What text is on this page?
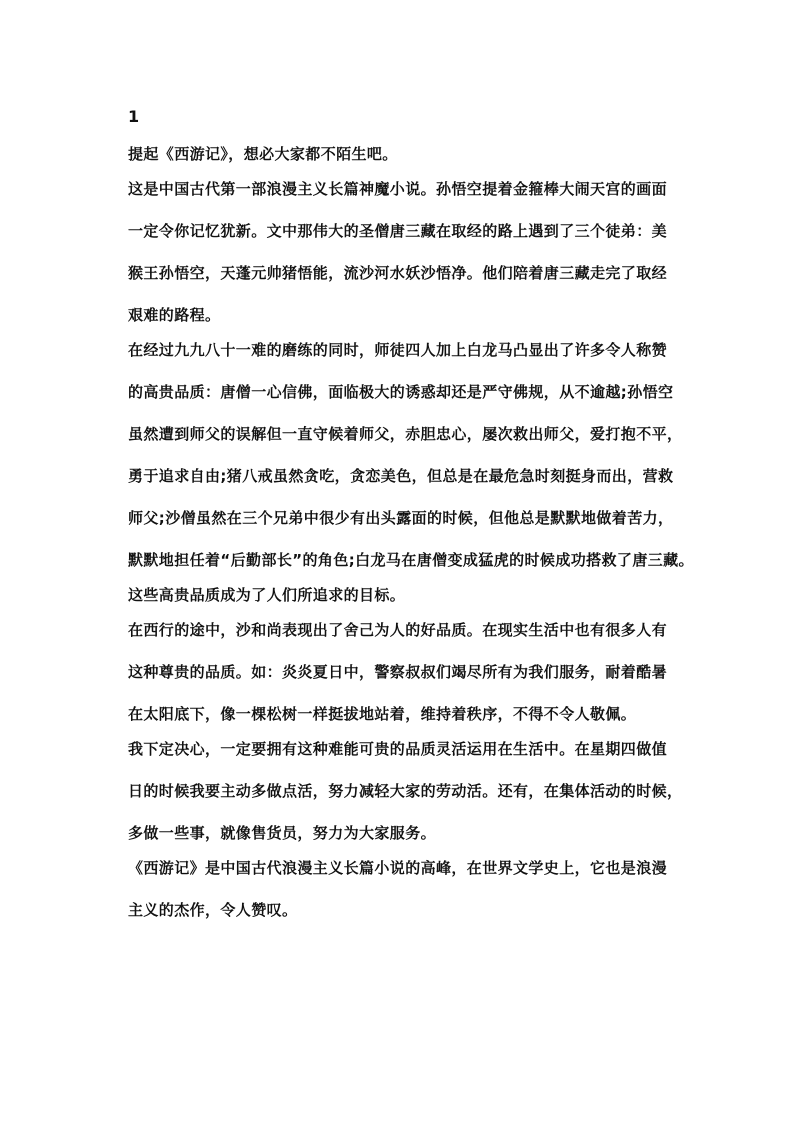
1
提起《西游记》，想必大家都不陌生吧。
这是中国古代第一部浪漫主义长篇神魔小说。孙悟空提着金箍棒大闹天宫的画面
一定令你记忆犹新。文中那伟大的圣僧唐三藏在取经的路上遇到了三个徒弟：美
猴王孙悟空，天蓬元帅猪悟能，流沙河水妖沙悟净。他们陪着唐三藏走完了取经
艰难的路程。
在经过九九八十一难的磨练的同时，师徒四人加上白龙马凸显出了许多令人称赞
的高贵品质：唐僧一心信佛，面临极大的诱惑却还是严守佛规，从不逾越;孙悟空
虽然遭到师父的误解但一直守候着师父，赤胆忠心，屡次救出师父，爱打抱不平，
勇于追求自由;猪八戒虽然贪吃，贪恋美色，但总是在最危急时刻挺身而出，营救
师父;沙僧虽然在三个兄弟中很少有出头露面的时候，但他总是默默地做着苦力，
默默地担任着“后勤部长”的角色;白龙马在唐僧变成猛虎的时候成功搭救了唐三藏。
这些高贵品质成为了人们所追求的目标。
在西行的途中，沙和尚表现出了舍己为人的好品质。在现实生活中也有很多人有
这种尊贵的品质。如：炎炎夏日中，警察叔叔们竭尽所有为我们服务，耐着酷暑
在太阳底下，像一棵松树一样挺拔地站着，维持着秩序，不得不令人敬佩。
我下定决心，一定要拥有这种难能可贵的品质灵活运用在生活中。在星期四做值
日的时候我要主动多做点活，努力减轻大家的劳动活。还有，在集体活动的时候，
多做一些事，就像售货员，努力为大家服务。
《西游记》是中国古代浪漫主义长篇小说的高峰，在世界文学史上，它也是浪漫
主义的杰作，令人赞叹。
